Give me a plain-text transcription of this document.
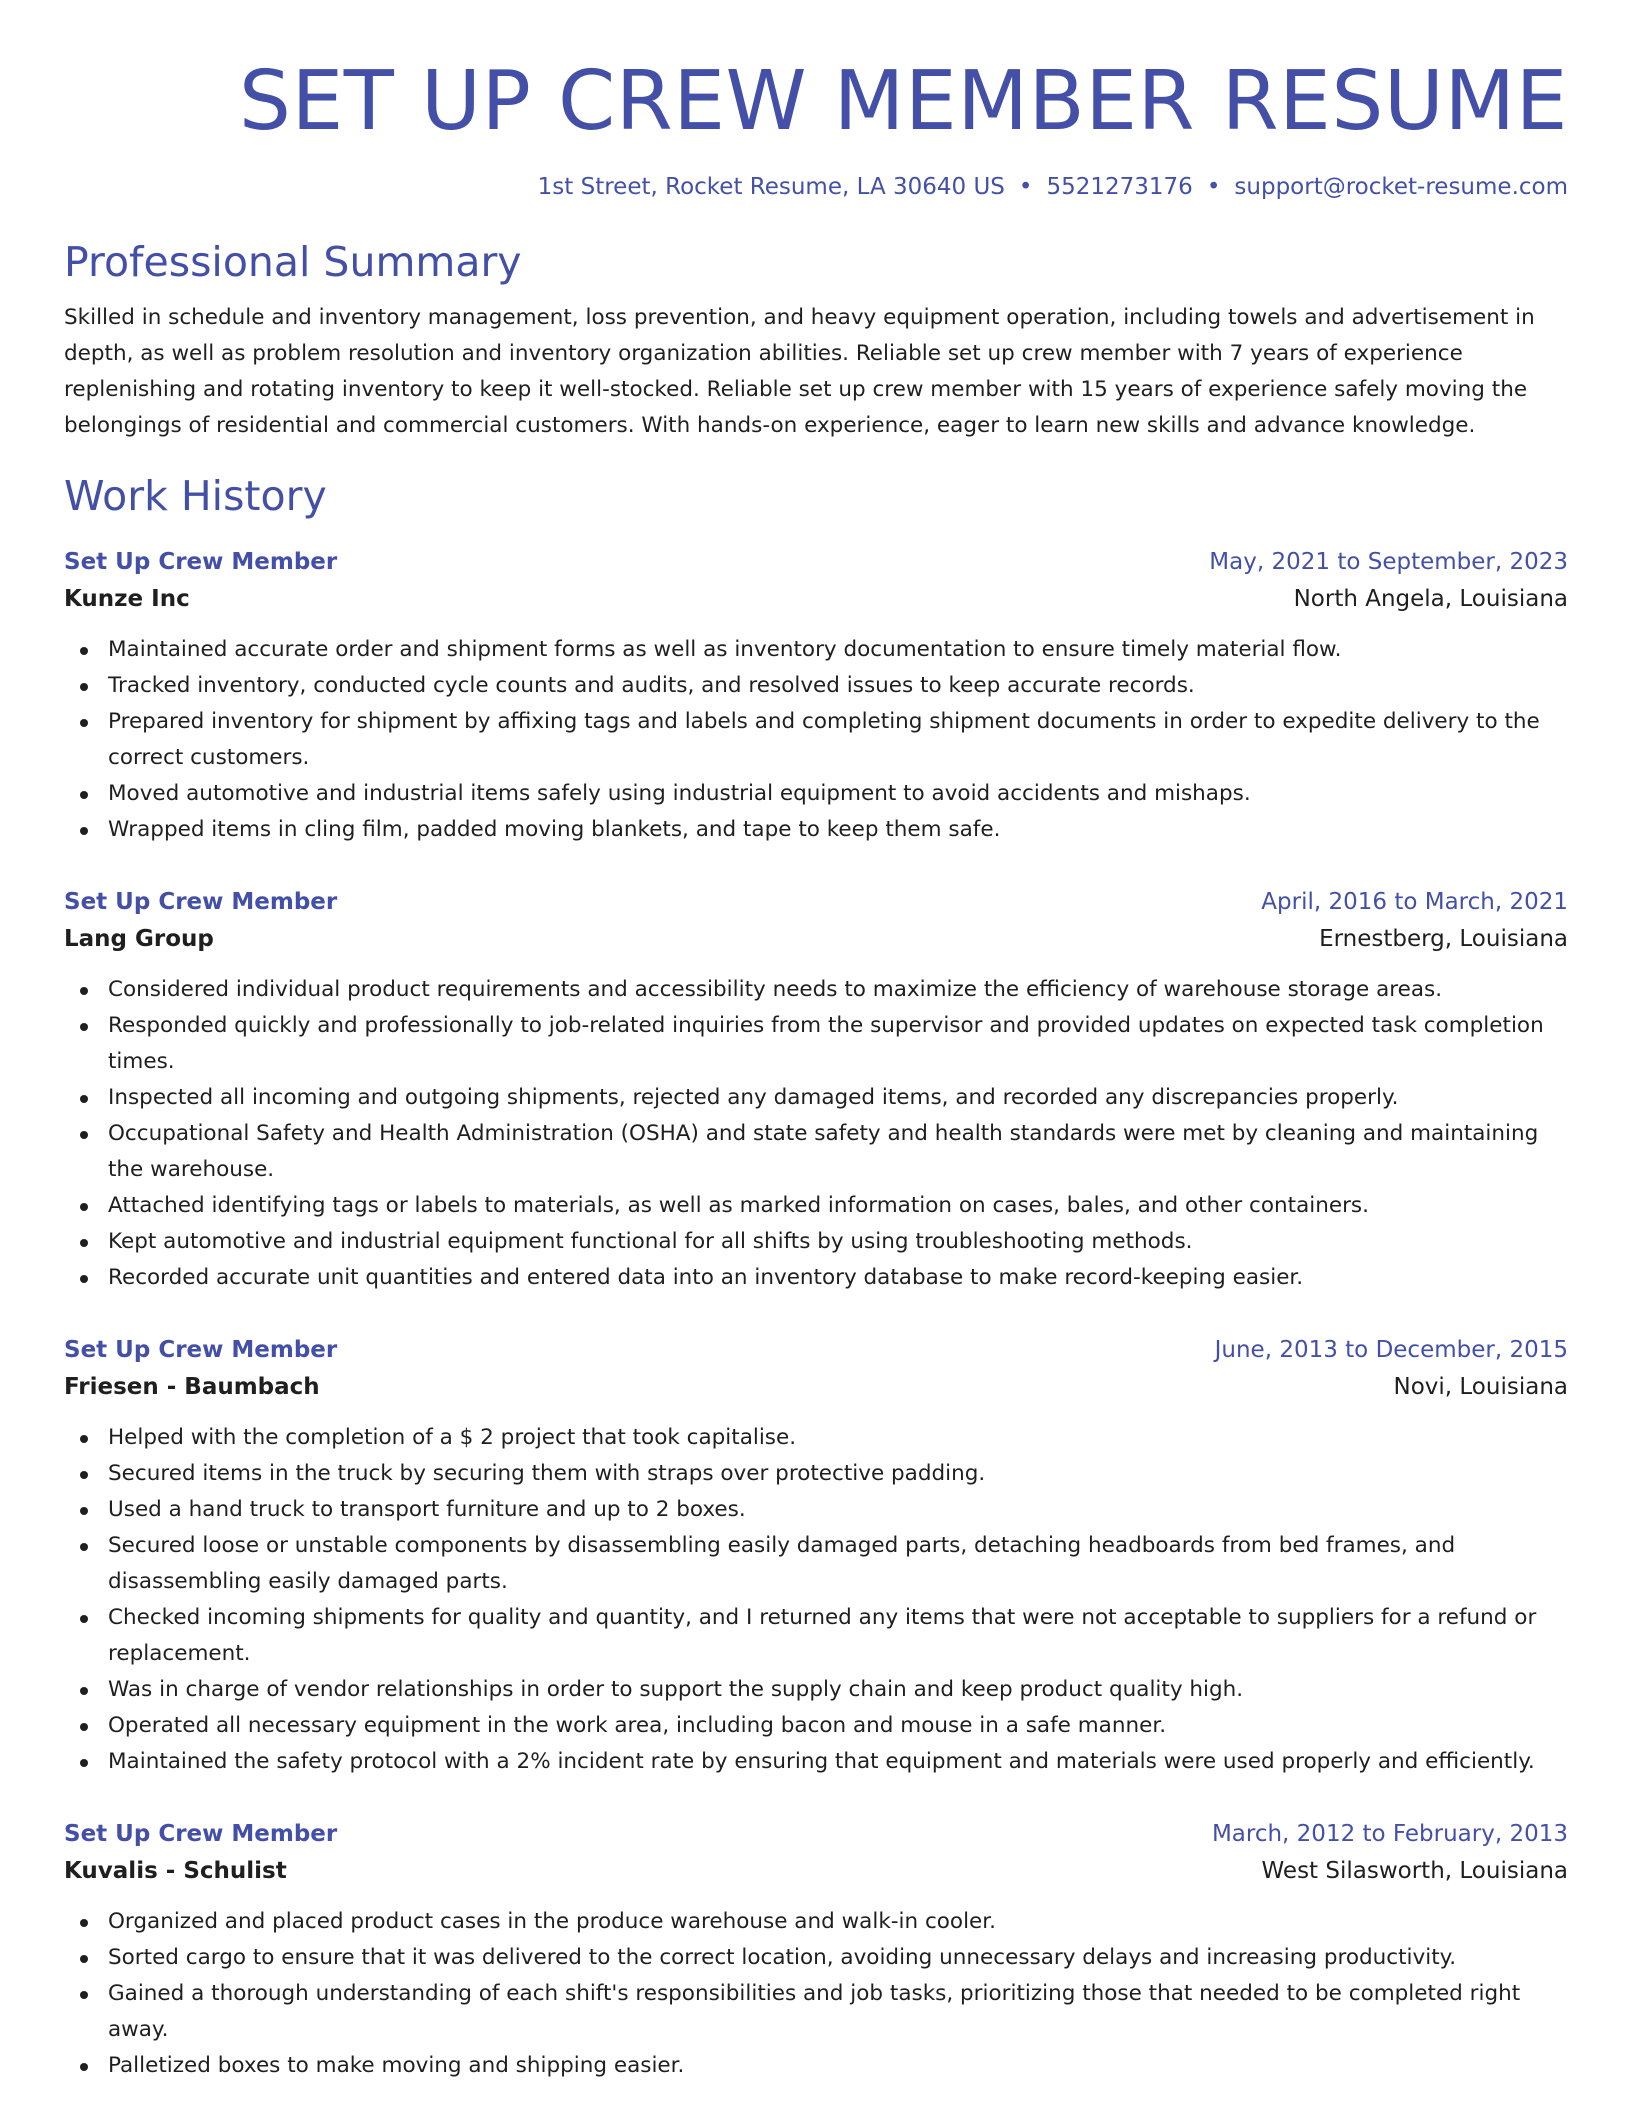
SET UP CREW MEMBER RESUME
1st Street, Rocket Resume, LA 30640 US • 5521273176 • support@rocket-resume.com
Professional Summary

Skilled in schedule and inventory management, loss prevention, and heavy equipment operation, including towels and advertisement in depth, as well as problem resolution and inventory organization abilities. Reliable set up crew member with 7 years of experience replenishing and rotating inventory to keep it well-stocked. Reliable set up crew member with 15 years of experience safely moving the belongings of residential and commercial customers. With hands-on experience, eager to learn new skills and advance knowledge.

Work History
Set Up Crew Member	May, 2021 to September, 2023
Kunze Inc	North Angela, Louisiana
Maintained accurate order and shipment forms as well as inventory documentation to ensure timely material flow.
Tracked inventory, conducted cycle counts and audits, and resolved issues to keep accurate records.
Prepared inventory for shipment by affixing tags and labels and completing shipment documents in order to expedite delivery to the correct customers.
Moved automotive and industrial items safely using industrial equipment to avoid accidents and mishaps.
Wrapped items in cling film, padded moving blankets, and tape to keep them safe.
Set Up Crew Member	April, 2016 to March, 2021
Lang Group	Ernestberg, Louisiana
Considered individual product requirements and accessibility needs to maximize the efficiency of warehouse storage areas.
Responded quickly and professionally to job-related inquiries from the supervisor and provided updates on expected task completion times.
Inspected all incoming and outgoing shipments, rejected any damaged items, and recorded any discrepancies properly.
Occupational Safety and Health Administration (OSHA) and state safety and health standards were met by cleaning and maintaining the warehouse.
Attached identifying tags or labels to materials, as well as marked information on cases, bales, and other containers.
Kept automotive and industrial equipment functional for all shifts by using troubleshooting methods.
Recorded accurate unit quantities and entered data into an inventory database to make record-keeping easier.
Set Up Crew Member	June, 2013 to December, 2015
Friesen - Baumbach	Novi, Louisiana
Helped with the completion of a $ 2 project that took capitalise.
Secured items in the truck by securing them with straps over protective padding.
Used a hand truck to transport furniture and up to 2 boxes.
Secured loose or unstable components by disassembling easily damaged parts, detaching headboards from bed frames, and disassembling easily damaged parts.
Checked incoming shipments for quality and quantity, and I returned any items that were not acceptable to suppliers for a refund or replacement.
Was in charge of vendor relationships in order to support the supply chain and keep product quality high.
Operated all necessary equipment in the work area, including bacon and mouse in a safe manner.
Maintained the safety protocol with a 2% incident rate by ensuring that equipment and materials were used properly and efficiently.
Set Up Crew Member	March, 2012 to February, 2013
Kuvalis - Schulist	West Silasworth, Louisiana
Organized and placed product cases in the produce warehouse and walk-in cooler.
Sorted cargo to ensure that it was delivered to the correct location, avoiding unnecessary delays and increasing productivity.
Gained a thorough understanding of each shift's responsibilities and job tasks, prioritizing those that needed to be completed right away.
Palletized boxes to make moving and shipping easier.
